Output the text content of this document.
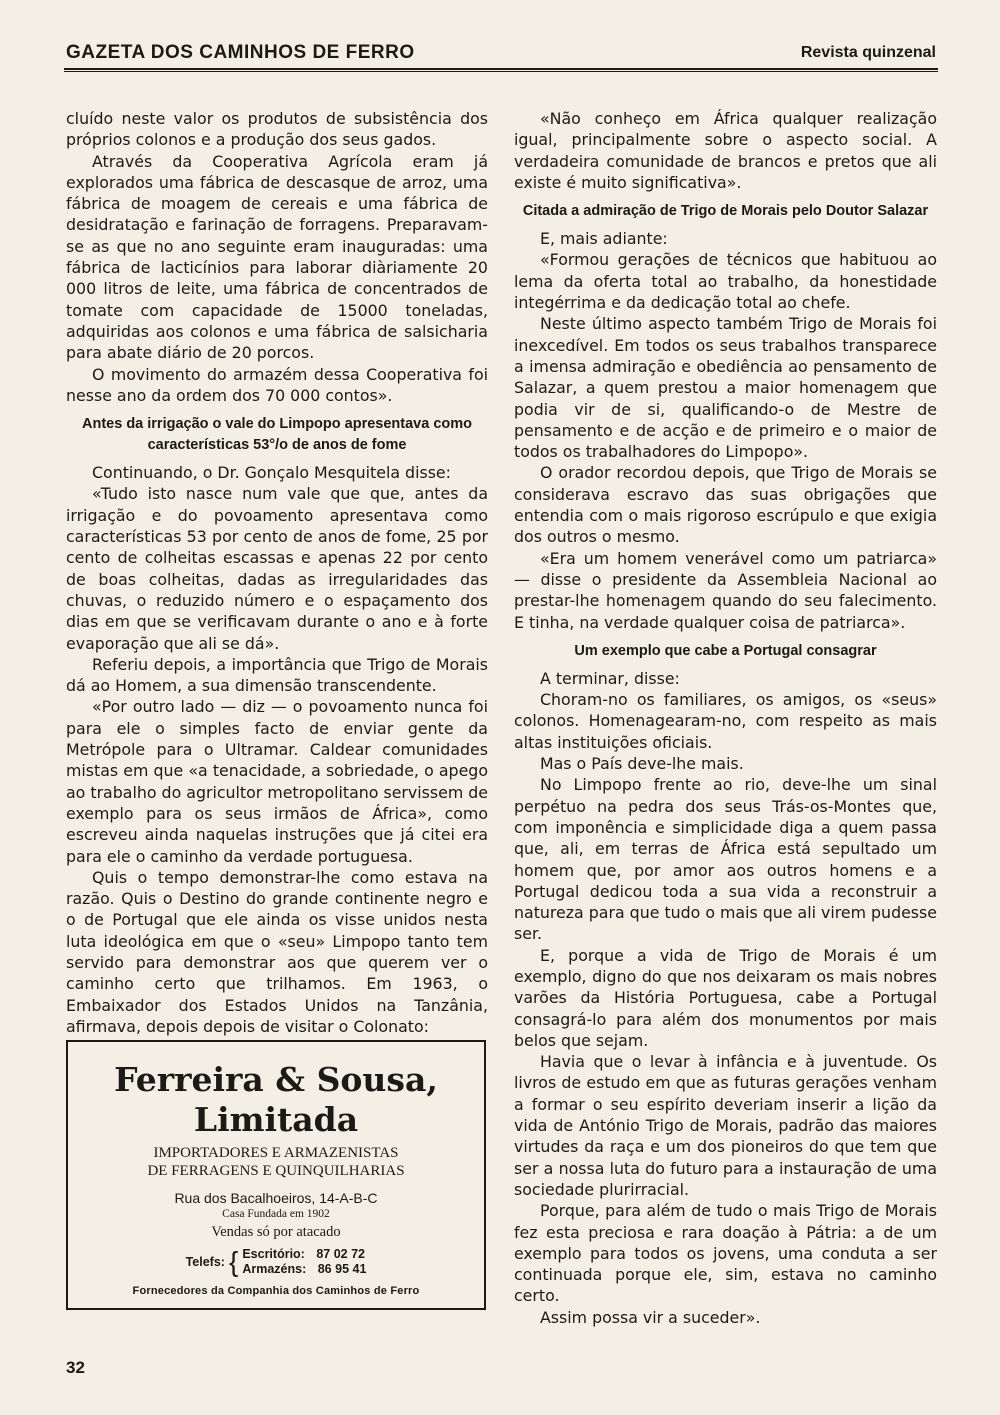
GAZETA DOS CAMINHOS DE FERRO	Revista quinzenal

cluído neste valor os produtos de subsistência dos próprios colonos e a produção dos seus gados.

Através da Cooperativa Agrícola eram já explorados uma fábrica de descasque de arroz, uma fábrica de moagem de cereais e uma fábrica de desidratação e farinação de forragens. Preparavam-se as que no ano seguinte eram inauguradas: uma fábrica de lacticínios para laborar diàriamente 20 000 litros de leite, uma fábrica de concentrados de tomate com capacidade de 15000 toneladas, adquiridas aos colonos e uma fábrica de salsicharia para abate diário de 20 porcos.

O movimento do armazém dessa Cooperativa foi nesse ano da ordem dos 70 000 contos».

Antes da irrigação o vale do Limpopo apresentava como características 53°/o de anos de fome

Continuando, o Dr. Gonçalo Mesquitela disse:

«Tudo isto nasce num vale que que, antes da irrigação e do povoamento apresentava como características 53 por cento de anos de fome, 25 por cento de colheitas escassas e apenas 22 por cento de boas colheitas, dadas as irregularidades das chuvas, o reduzido número e o espaçamento dos dias em que se verificavam durante o ano e à forte evaporação que ali se dá».

Referiu depois, a importância que Trigo de Morais dá ao Homem, a sua dimensão transcendente.

«Por outro lado — diz — o povoamento nunca foi para ele o simples facto de enviar gente da Metrópole para o Ultramar. Caldear comunidades mistas em que «a tenacidade, a sobriedade, o apego ao trabalho do agricultor metropolitano servissem de exemplo para os seus irmãos de África», como escreveu ainda naquelas instruções que já citei era para ele o caminho da verdade portuguesa.

Quis o tempo demonstrar-lhe como estava na razão. Quis o Destino do grande continente negro e o de Portugal que ele ainda os visse unidos nesta luta ideológica em que o «seu» Limpopo tanto tem servido para demonstrar aos que querem ver o caminho certo que trilhamos. Em 1963, o Embaixador dos Estados Unidos na Tanzânia, afirmava, depois depois de visitar o Colonato:

Ferreira & Sousa,
Limitada
IMPORTADORES E ARMAZENISTAS
DE FERRAGENS E QUINQUILHARIAS
Rua dos Bacalhoeiros, 14-A-B-C
Casa Fundada em 1902
Vendas só por atacado
Telefs: { Escritório: 87 02 72
Armazéns: 86 95 41
Fornecedores da Companhia dos Caminhos de Ferro

«Não conheço em África qualquer realização igual, principalmente sobre o aspecto social. A verdadeira comunidade de brancos e pretos que ali existe é muito significativa».

Citada a admiração de Trigo de Morais pelo Doutor Salazar

E, mais adiante:

«Formou gerações de técnicos que habituou ao lema da oferta total ao trabalho, da honestidade integérrima e da dedicação total ao chefe.

Neste último aspecto também Trigo de Morais foi inexcedível. Em todos os seus trabalhos transparece a imensa admiração e obediência ao pensamento de Salazar, a quem prestou a maior homenagem que podia vir de si, qualificando-o de Mestre de pensamento e de acção e de primeiro e o maior de todos os trabalhadores do Limpopo».

O orador recordou depois, que Trigo de Morais se considerava escravo das suas obrigações que entendia com o mais rigoroso escrúpulo e que exigia dos outros o mesmo.

«Era um homem venerável como um patriarca» — disse o presidente da Assembleia Nacional ao prestar-lhe homenagem quando do seu falecimento. E tinha, na verdade qualquer coisa de patriarca».

Um exemplo que cabe a Portugal consagrar

A terminar, disse:

Choram-no os familiares, os amigos, os «seus» colonos. Homenagearam-no, com respeito as mais altas instituições oficiais.

Mas o País deve-lhe mais.

No Limpopo frente ao rio, deve-lhe um sinal perpétuo na pedra dos seus Trás-os-Montes que, com imponência e simplicidade diga a quem passa que, ali, em terras de África está sepultado um homem que, por amor aos outros homens e a Portugal dedicou toda a sua vida a reconstruir a natureza para que tudo o mais que ali virem pudesse ser.

E, porque a vida de Trigo de Morais é um exemplo, digno do que nos deixaram os mais nobres varões da História Portuguesa, cabe a Portugal consagrá-lo para além dos monumentos por mais belos que sejam.

Havia que o levar à infância e à juventude. Os livros de estudo em que as futuras gerações venham a formar o seu espírito deveriam inserir a lição da vida de António Trigo de Morais, padrão das maiores virtudes da raça e um dos pioneiros do que tem que ser a nossa luta do futuro para a instauração de uma sociedade plurirracial.

Porque, para além de tudo o mais Trigo de Morais fez esta preciosa e rara doação à Pátria: a de um exemplo para todos os jovens, uma conduta a ser continuada porque ele, sim, estava no caminho certo.

Assim possa vir a suceder».

32
